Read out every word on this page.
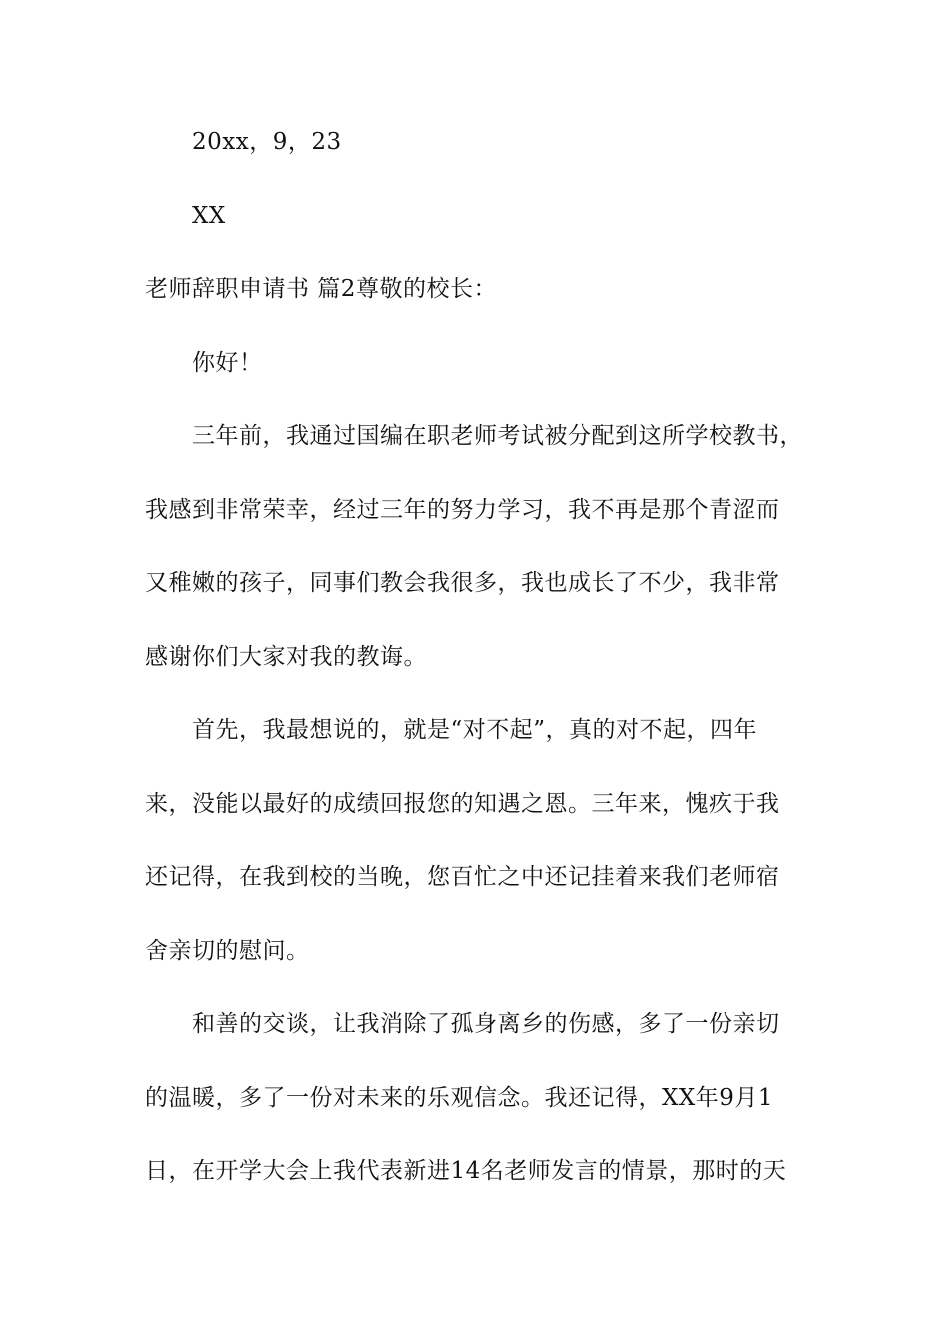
20xx，9，23
XX
老师辞职申请书 篇2尊敬的校长：
你好！
三年前，我通过国编在职老师考试被分配到这所学校教书，
我感到非常荣幸，经过三年的努力学习，我不再是那个青涩而
又稚嫩的孩子，同事们教会我很多，我也成长了不少，我非常
感谢你们大家对我的教诲。
首先，我最想说的，就是“对不起”，真的对不起，四年
来，没能以最好的成绩回报您的知遇之恩。三年来，愧疚于我
还记得，在我到校的当晚，您百忙之中还记挂着来我们老师宿
舍亲切的慰问。
和善的交谈，让我消除了孤身离乡的伤感，多了一份亲切
的温暖，多了一份对未来的乐观信念。我还记得，XX年9月1
日，在开学大会上我代表新进14名老师发言的情景，那时的天
